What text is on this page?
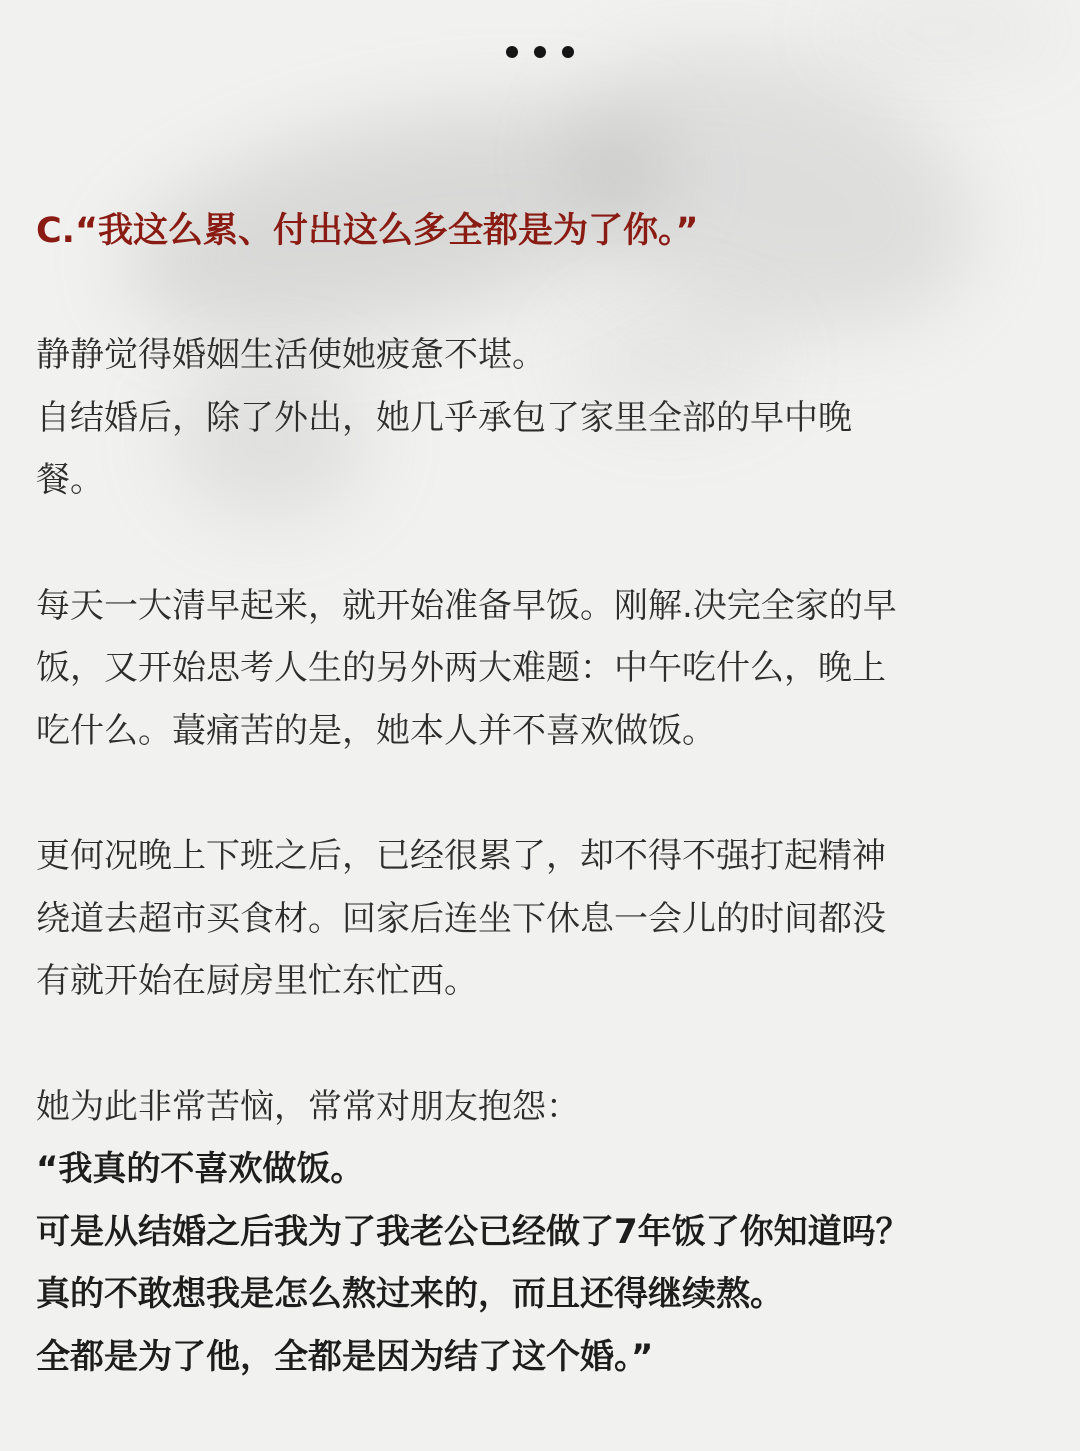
C.“我这么累、付出这么多全都是为了你。”
静静觉得婚姻生活使她疲惫不堪。
自结婚后，除了外出，她几乎承包了家里全部的早中晚
餐。
每天一大清早起来，就开始准备早饭。刚解.决完全家的早
饭，又开始思考人生的另外两大难题：中午吃什么，晚上
吃什么。蕞痛苦的是，她本人并不喜欢做饭。
更何况晚上下班之后，已经很累了，却不得不强打起精神
绕道去超市买食材。回家后连坐下休息一会儿的时间都没
有就开始在厨房里忙东忙西。
她为此非常苦恼，常常对朋友抱怨：
“我真的不喜欢做饭。
可是从结婚之后我为了我老公已经做了7年饭了你知道吗？
真的不敢想我是怎么熬过来的，而且还得继续熬。
全都是为了他，全都是因为结了这个婚。”
